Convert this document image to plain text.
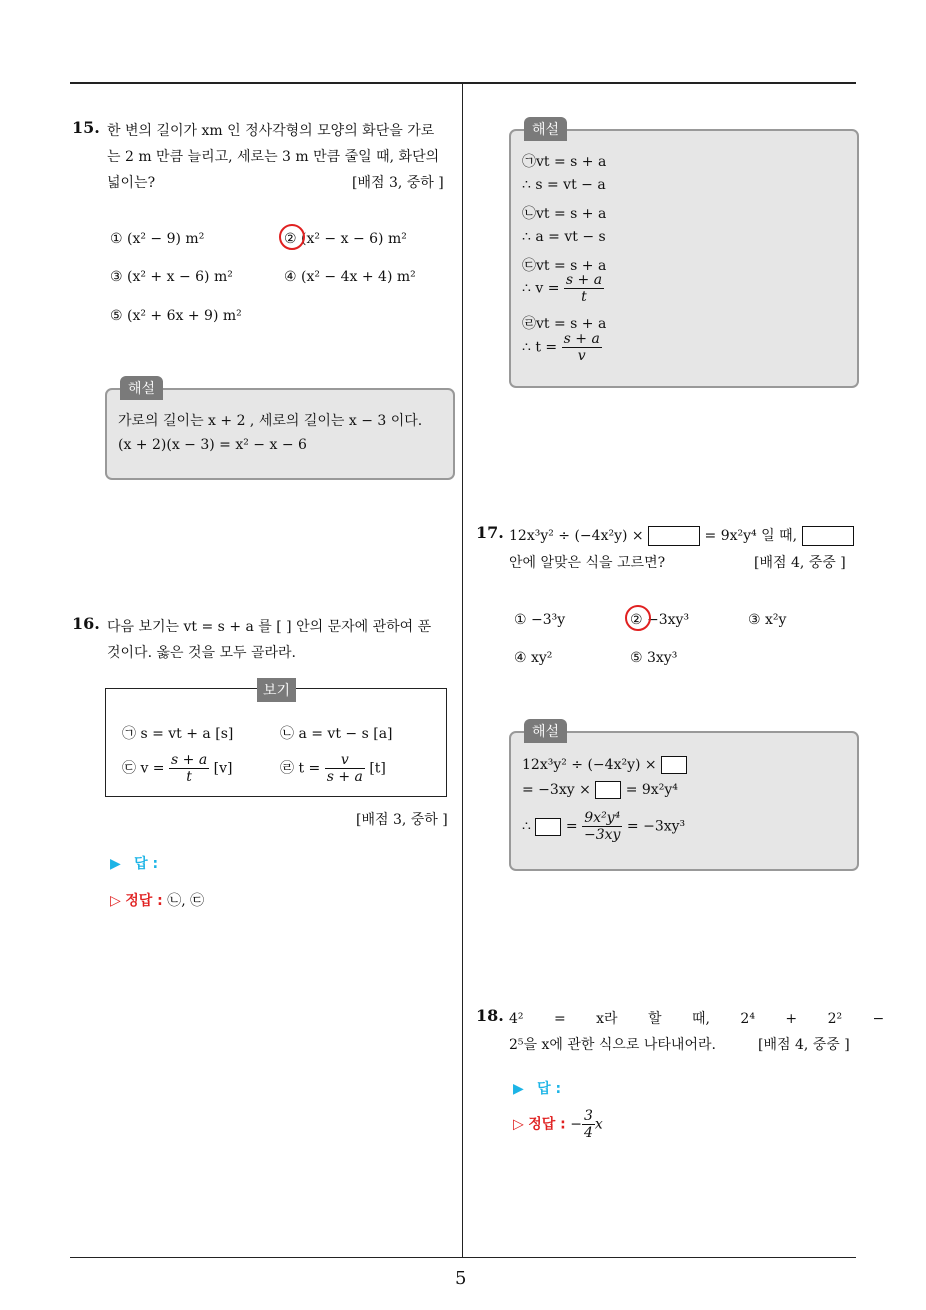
5
15. 한 변의 길이가 xm 인 정사각형의 모양의 화단을 가로
는 2 m 만큼 늘리고, 세로는 3 m 만큼 줄일 때, 화단의
넓이는?	[배점 3, 중하 ]
① (x² − 9) m²	② (x² − x − 6) m²
③ (x² + x − 6) m²	④ (x² − 4x + 4) m²
⑤ (x² + 6x + 9) m²
해설
가로의 길이는 x + 2 , 세로의 길이는 x − 3 이다.
(x + 2)(x − 3) = x² − x − 6
16. 다음 보기는 vt = s + a 를 [ ] 안의 문자에 관하여 푼
것이다. 옳은 것을 모두 골라라.
보기
㉠ s = vt + a [s]	㉡ a = vt − s [a]
㉢ $v = \frac{s + a}{t} [v]$	㉣ $t = \frac{v}{s + a} [t]$
[배점 3, 중하 ]
▶ 답 :
▷ 정답 : ㉡, ㉢
해설
㉠vt = s + a
∴ s = vt − a
㉡vt = s + a
∴ a = vt − s
㉢vt = s + a
∴ $v = \frac{s + a}{t}$
㉣vt = s + a
∴ $t = \frac{s + a}{v}$
17. 12x³y² ÷ (−4x²y) ×	= 9x²y⁴ 일 때,
안에 알맞은 식을 고르면?	[배점 4, 중중 ]
① −3³y	② −3xy³	③ x²y
④ xy²	⑤ 3xy³
해설
12x³y² ÷ (−4x²y) ×
= −3xy × = 9x²y⁴
∴ = $\frac{\text{9x²y⁴}}{-3xy} = -3xy^3$
18. 4² = x라 할 때, 2⁴ + 2² −
2⁵을 x에 관한 식으로 나타내어라.	[배점 4, 중중 ]
▶ 답 :
▷ 정답 : − $\frac{3}{4}$ x
